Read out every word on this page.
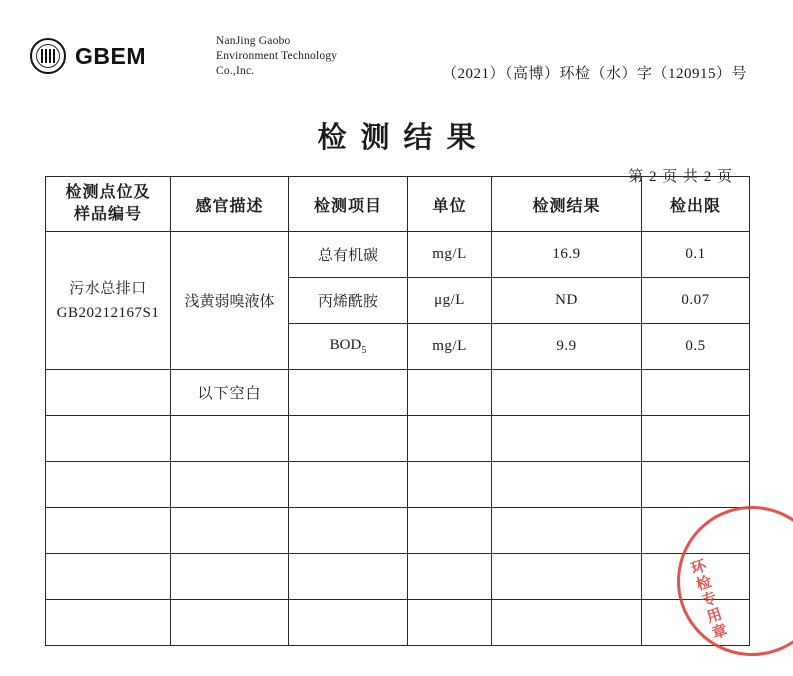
GBEM
NanJing Gaobo
Environment Technology
Co.,Inc.	（2021）（高博）环检（水）字（120915）号
检测结果
第 2 页 共 2 页
检测点位及
样品编号	感官描述	检测项目	单位	检测结果	检出限
污水总排口
GB20212167S1	浅黄弱嗅液体	总有机碳	mg/L	16.9	0.1
		丙烯酰胺	μg/L	ND	0.07
		$BOD_5$	mg/L	9.9	0.5
	以下空白				

环检专用章
